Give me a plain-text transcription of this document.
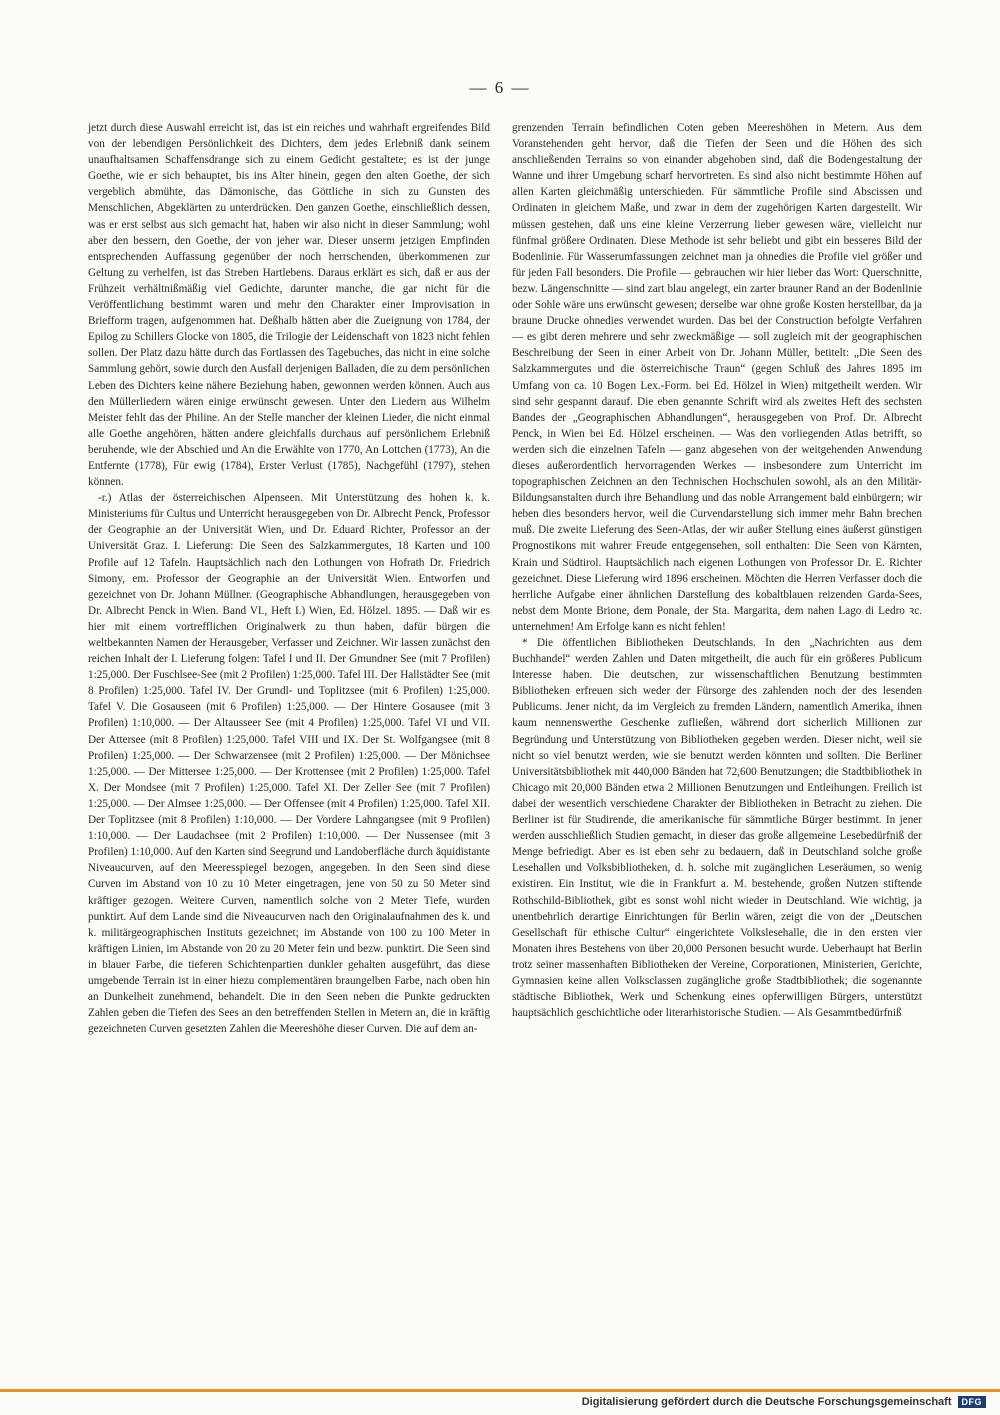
— 6 —

jetzt durch diese Auswahl erreicht ist, das ist ein reiches und wahrhaft ergreifendes Bild von der lebendigen Persönlichkeit des Dichters, dem jedes Erlebniß dank seinem unaufhaltsamen Schaffensdrange sich zu einem Gedicht gestaltete; es ist der junge Goethe, wie er sich behauptet, bis ins Alter hinein, gegen den alten Goethe, der sich vergeblich abmühte, das Dämonische, das Göttliche in sich zu Gunsten des Menschlichen, Abgeklärten zu unterdrücken. Den ganzen Goethe, einschließlich dessen, was er erst selbst aus sich gemacht hat, haben wir also nicht in dieser Sammlung; wohl aber den bessern, den Goethe, der von jeher war. Dieser unserm jetzigen Empfinden entsprechenden Auffassung gegenüber der noch herrschenden, überkommenen zur Geltung zu verhelfen, ist das Streben Hartlebens. Daraus erklärt es sich, daß er aus der Frühzeit verhältnißmäßig viel Gedichte, darunter manche, die gar nicht für die Veröffentlichung bestimmt waren und mehr den Charakter einer Improvisation in Briefform tragen, aufgenommen hat. Deßhalb hätten aber die Zueignung von 1784, der Epilog zu Schillers Glocke von 1805, die Trilogie der Leidenschaft von 1823 nicht fehlen sollen. Der Platz dazu hätte durch das Fortlassen des Tagebuches, das nicht in eine solche Sammlung gehört, sowie durch den Ausfall derjenigen Balladen, die zu dem persönlichen Leben des Dichters keine nähere Beziehung haben, gewonnen werden können. Auch aus den Müllerliedern wären einige erwünscht gewesen. Unter den Liedern aus Wilhelm Meister fehlt das der Philine. An der Stelle mancher der kleinen Lieder, die nicht einmal alle Goethe angehören, hätten andere gleichfalls durchaus auf persönlichem Erlebniß beruhende, wie der Abschied und An die Erwählte von 1770, An Lottchen (1773), An die Entfernte (1778), Für ewig (1784), Erster Verlust (1785), Nachgefühl (1797), stehen können.

-r.) Atlas der österreichischen Alpenseen. Mit Unterstützung des hohen k. k. Ministeriums für Cultus und Unterricht herausgegeben von Dr. Albrecht Penck, Professor der Geographie an der Universität Wien, und Dr. Eduard Richter, Professor an der Universität Graz. I. Lieferung: Die Seen des Salzkammergutes, 18 Karten und 100 Profile auf 12 Tafeln. Hauptsächlich nach den Lothungen von Hofrath Dr. Friedrich Simony, em. Professor der Geographie an der Universität Wien. Entworfen und gezeichnet von Dr. Johann Müllner. (Geographische Abhandlungen, herausgegeben von Dr. Albrecht Penck in Wien. Band VI., Heft I.) Wien, Ed. Hölzel. 1895. — Daß wir es hier mit einem vortrefflichen Originalwerk zu thun haben, dafür bürgen die weltbekannten Namen der Herausgeber, Verfasser und Zeichner. Wir lassen zunächst den reichen Inhalt der I. Lieferung folgen: Tafel I und II. Der Gmundner See (mit 7 Profilen) 1:25,000. Der Fuschlsee-See (mit 2 Profilen) 1:25,000. Tafel III. Der Hallstädter See (mit 8 Profilen) 1:25,000. Tafel IV. Der Grundl- und Toplitzsee (mit 6 Profilen) 1:25,000. Tafel V. Die Gosauseen (mit 6 Profilen) 1:25,000. — Der Hintere Gosausee (mit 3 Profilen) 1:10,000. — Der Altausseer See (mit 4 Profilen) 1:25,000. Tafel VI und VII. Der Attersee (mit 8 Profilen) 1:25,000. Tafel VIII und IX. Der St. Wolfgangsee (mit 8 Profilen) 1:25,000. — Der Schwarzensee (mit 2 Profilen) 1:25,000. — Der Mönichsee 1:25,000. — Der Mittersee 1:25,000. — Der Krottensee (mit 2 Profilen) 1:25,000. Tafel X. Der Mondsee (mit 7 Profilen) 1:25,000. Tafel XI. Der Zeller See (mit 7 Profilen) 1:25,000. — Der Almsee 1:25,000. — Der Offensee (mit 4 Profilen) 1:25,000. Tafel XII. Der Toplitzsee (mit 8 Profilen) 1:10,000. — Der Vordere Lahngangsee (mit 9 Profilen) 1:10,000. — Der Laudachsee (mit 2 Profilen) 1:10,000. — Der Nussensee (mit 3 Profilen) 1:10,000. Auf den Karten sind Seegrund und Landoberfläche durch äquidistante Niveaucurven, auf den Meeresspiegel bezogen, angegeben. In den Seen sind diese Curven im Abstand von 10 zu 10 Meter eingetragen, jene von 50 zu 50 Meter sind kräftiger gezogen. Weitere Curven, namentlich solche von 2 Meter Tiefe, wurden punktirt. Auf dem Lande sind die Niveaucurven nach den Originalaufnahmen des k. und k. militärgeographischen Instituts gezeichnet; im Abstande von 100 zu 100 Meter in kräftigen Linien, im Abstande von 20 zu 20 Meter fein und bezw. punktirt. Die Seen sind in blauer Farbe, die tieferen Schichtenpartien dunkler gehalten ausgeführt, das diese umgebende Terrain ist in einer hiezu complementären braungelben Farbe, nach oben hin an Dunkelheit zunehmend, behandelt. Die in den Seen neben die Punkte gedruckten Zahlen geben die Tiefen des Sees an den betreffenden Stellen in Metern an, die in kräftig gezeichneten Curven gesetzten Zahlen die Meereshöhe dieser Curven. Die auf dem an-

grenzenden Terrain befindlichen Coten geben Meereshöhen in Metern. Aus dem Voranstehenden geht hervor, daß die Tiefen der Seen und die Höhen des sich anschließenden Terrains so von einander abgehoben sind, daß die Bodengestaltung der Wanne und ihrer Umgebung scharf hervortreten. Es sind also nicht bestimmte Höhen auf allen Karten gleichmäßig unterschieden. Für sämmtliche Profile sind Abscissen und Ordinaten in gleichem Maße, und zwar in dem der zugehörigen Karten dargestellt. Wir müssen gestehen, daß uns eine kleine Verzerrung lieber gewesen wäre, vielleicht nur fünfmal größere Ordinaten. Diese Methode ist sehr beliebt und gibt ein besseres Bild der Bodenlinie. Für Wasserumfassungen zeichnet man ja ohnedies die Profile viel größer und für jeden Fall besonders. Die Profile — gebrauchen wir hier lieber das Wort: Querschnitte, bezw. Längenschnitte — sind zart blau angelegt, ein zarter brauner Rand an der Bodenlinie oder Sohle wäre uns erwünscht gewesen; derselbe war ohne große Kosten herstellbar, da ja braune Drucke ohnedies verwendet wurden. Das bei der Construction befolgte Verfahren — es gibt deren mehrere und sehr zweckmäßige — soll zugleich mit der geographischen Beschreibung der Seen in einer Arbeit von Dr. Johann Müller, betitelt: „Die Seen des Salzkammergutes und die österreichische Traun“ (gegen Schluß des Jahres 1895 im Umfang von ca. 10 Bogen Lex.-Form. bei Ed. Hölzel in Wien) mitgetheilt werden. Wir sind sehr gespannt darauf. Die eben genannte Schrift wird als zweites Heft des sechsten Bandes der „Geographischen Abhandlungen“, herausgegeben von Prof. Dr. Albrecht Penck, in Wien bei Ed. Hölzel erscheinen. — Was den vorliegenden Atlas betrifft, so werden sich die einzelnen Tafeln — ganz abgesehen von der weitgehenden Anwendung dieses außerordentlich hervorragenden Werkes — insbesondere zum Unterricht im topographischen Zeichnen an den Technischen Hochschulen sowohl, als an den Militär-Bildungsanstalten durch ihre Behandlung und das noble Arrangement bald einbürgern; wir heben dies besonders hervor, weil die Curvendarstellung sich immer mehr Bahn brechen muß. Die zweite Lieferung des Seen-Atlas, der wir außer Stellung eines äußerst günstigen Prognostikons mit wahrer Freude entgegensehen, soll enthalten: Die Seen von Kärnten, Krain und Südtirol. Hauptsächlich nach eigenen Lothungen von Professor Dr. E. Richter gezeichnet. Diese Lieferung wird 1896 erscheinen. Möchten die Herren Verfasser doch die herrliche Aufgabe einer ähnlichen Darstellung des kobaltblauen reizenden Garda-Sees, nebst dem Monte Brione, dem Ponale, der Sta. Margarita, dem nahen Lago di Ledro ꝛc. unternehmen! Am Erfolge kann es nicht fehlen!

* Die öffentlichen Bibliotheken Deutschlands. In den „Nachrichten aus dem Buchhandel“ werden Zahlen und Daten mitgetheilt, die auch für ein größeres Publicum Interesse haben. Die deutschen, zur wissenschaftlichen Benutzung bestimmten Bibliotheken erfreuen sich weder der Fürsorge des zahlenden noch der des lesenden Publicums. Jener nicht, da im Vergleich zu fremden Ländern, namentlich Amerika, ihnen kaum nennenswerthe Geschenke zufließen, während dort sicherlich Millionen zur Begründung und Unterstützung von Bibliotheken gegeben werden. Dieser nicht, weil sie nicht so viel benutzt werden, wie sie benutzt werden könnten und sollten. Die Berliner Universitätsbibliothek mit 440,000 Bänden hat 72,600 Benutzungen; die Stadtbibliothek in Chicago mit 20,000 Bänden etwa 2 Millionen Benutzungen und Entleihungen. Freilich ist dabei der wesentlich verschiedene Charakter der Bibliotheken in Betracht zu ziehen. Die Berliner ist für Studirende, die amerikanische für sämmtliche Bürger bestimmt. In jener werden ausschließlich Studien gemacht, in dieser das große allgemeine Lesebedürfniß der Menge befriedigt. Aber es ist eben sehr zu bedauern, daß in Deutschland solche große Lesehallen und Volksbibliotheken, d. h. solche mit zugänglichen Leseräumen, so wenig existiren. Ein Institut, wie die in Frankfurt a. M. bestehende, großen Nutzen stiftende Rothschild-Bibliothek, gibt es sonst wohl nicht wieder in Deutschland. Wie wichtig, ja unentbehrlich derartige Einrichtungen für Berlin wären, zeigt die von der „Deutschen Gesellschaft für ethische Cultur“ eingerichtete Volkslesehalle, die in den ersten vier Monaten ihres Bestehens von über 20,000 Personen besucht wurde. Ueberhaupt hat Berlin trotz seiner massenhaften Bibliotheken der Vereine, Corporationen, Ministerien, Gerichte, Gymnasien keine allen Volksclassen zugängliche große Stadtbibliothek; die sogenannte städtische Bibliothek, Werk und Schenkung eines opferwilligen Bürgers, unterstützt hauptsächlich geschichtliche oder literarhistorische Studien. — Als Gesammtbedürfniß

Digitalisierung gefördert durch die Deutsche Forschungsgemeinschaft	DFG
